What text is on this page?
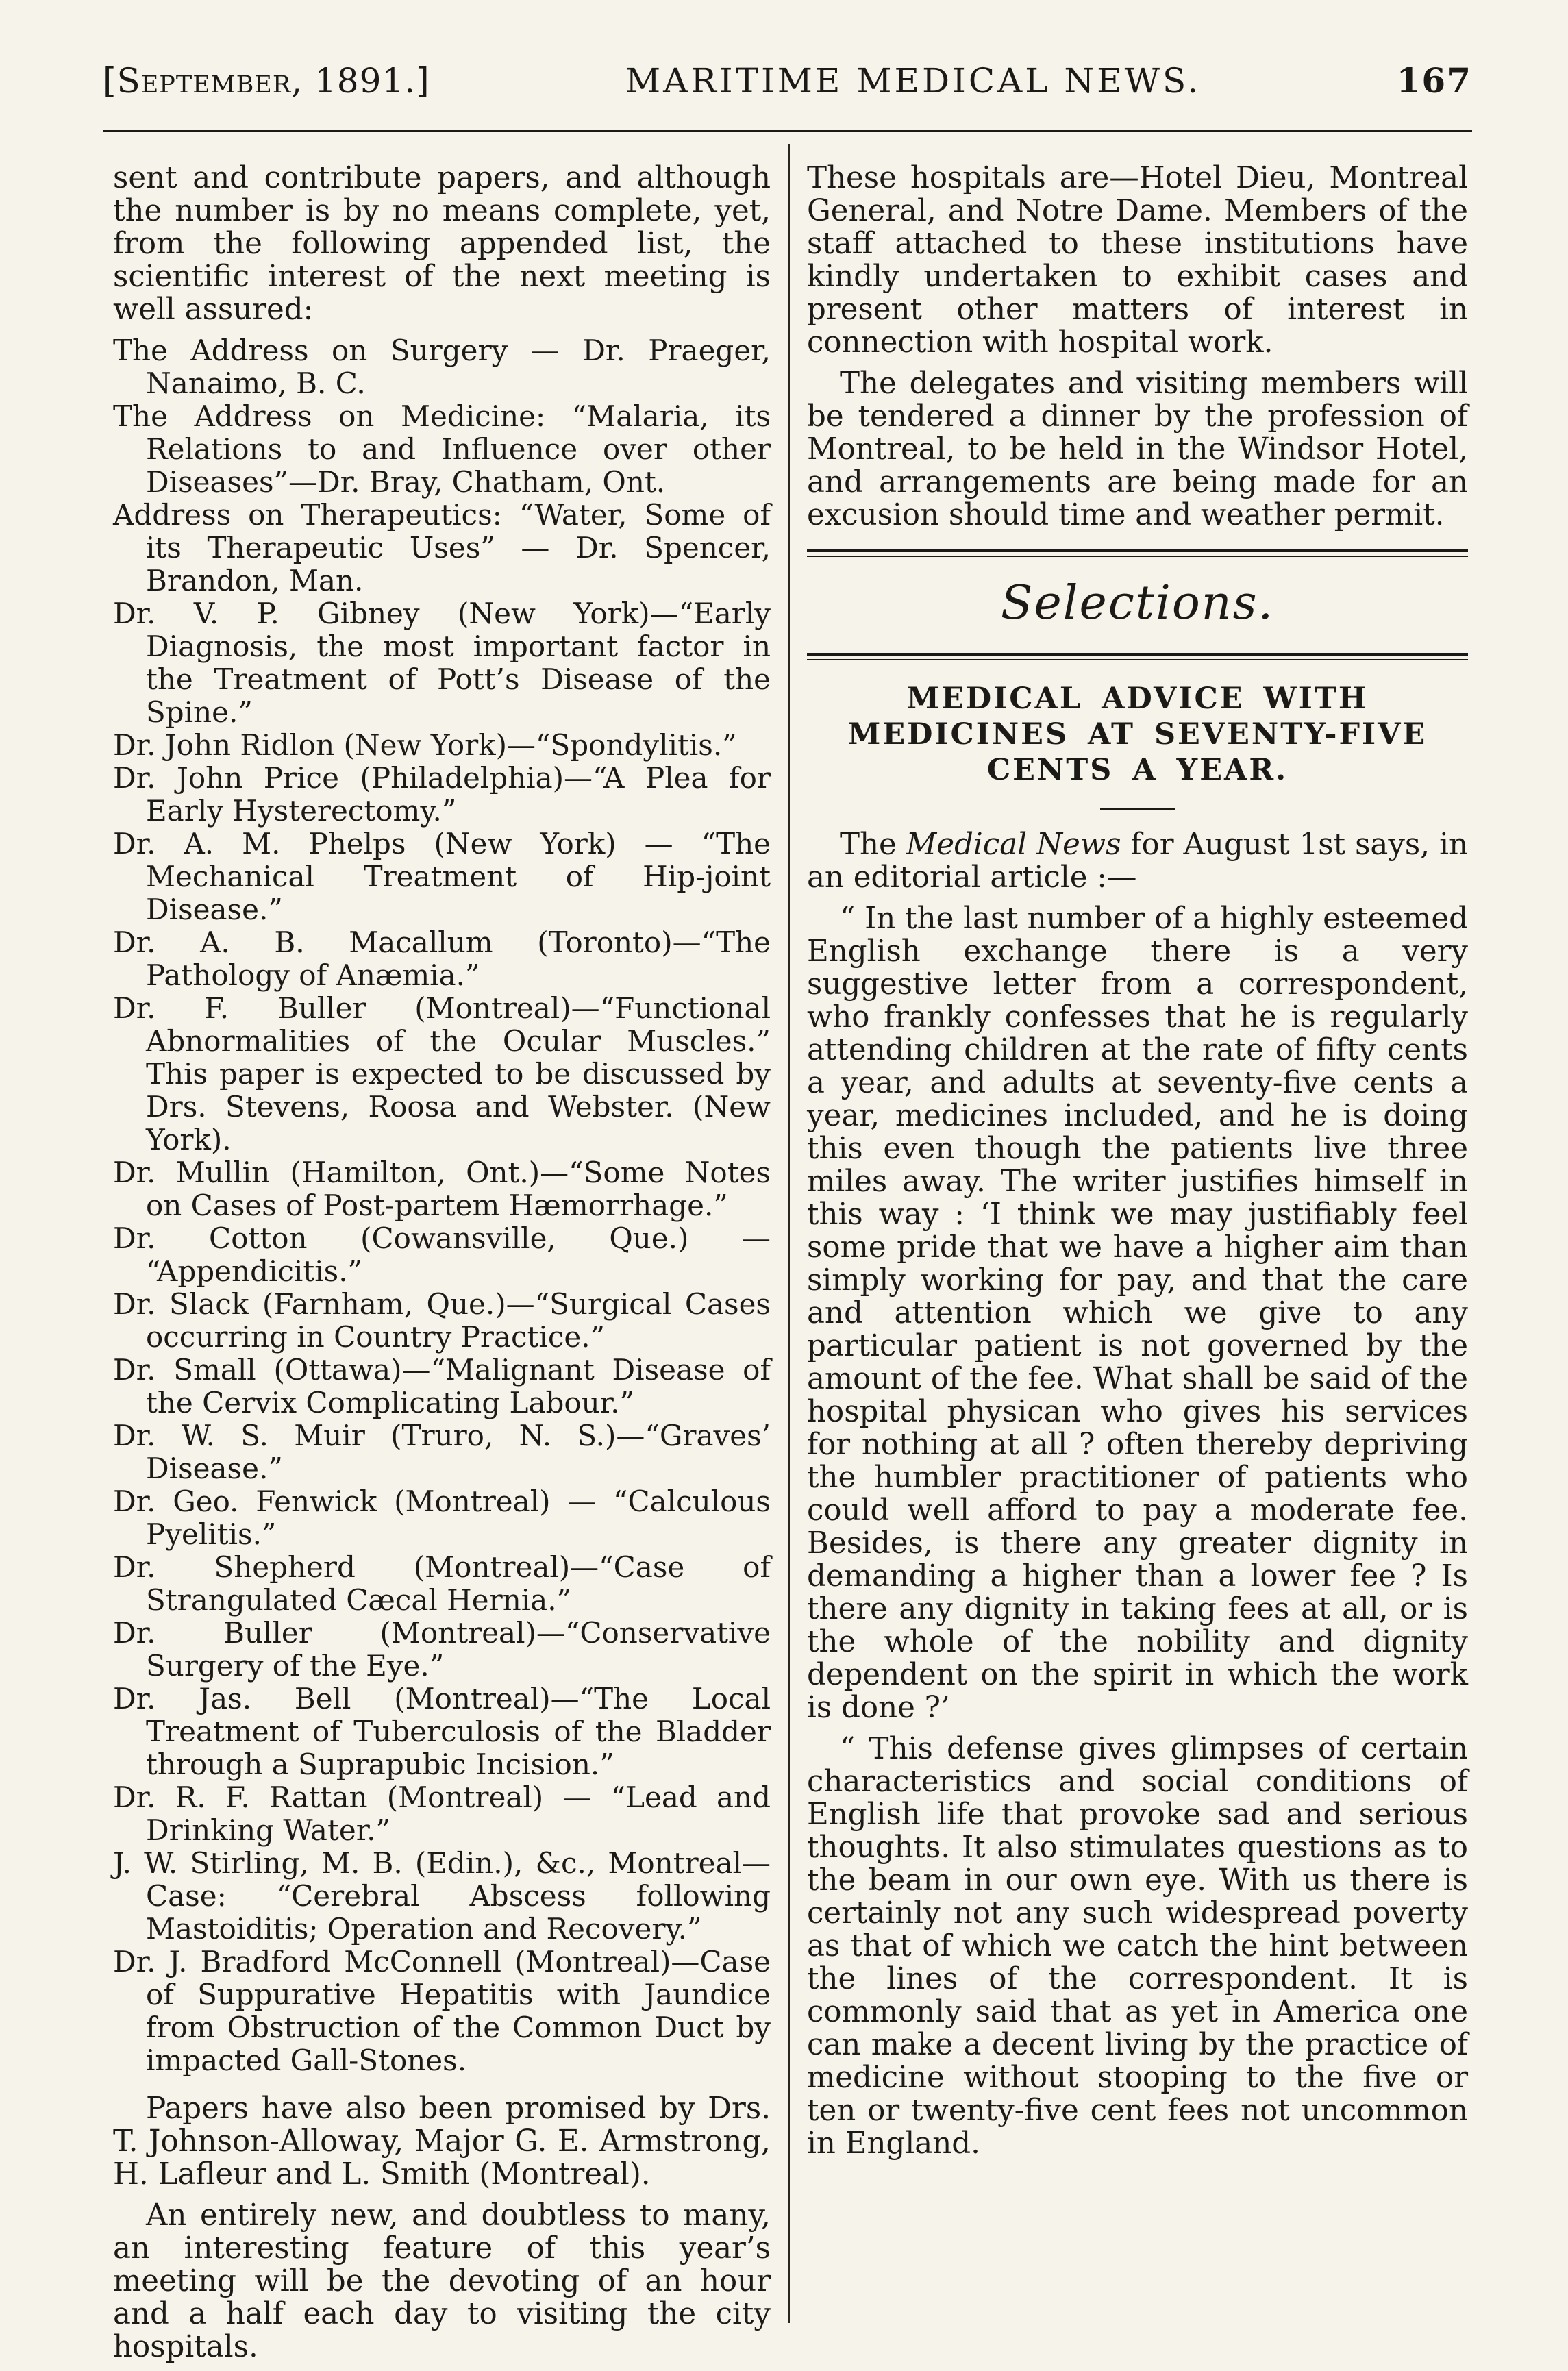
[September, 1891.]	MARITIME MEDICAL NEWS.	167

sent and contribute papers, and although the number is by no means complete, yet, from the following appended list, the scientific interest of the next meeting is well assured:

The Address on Surgery — Dr. Praeger, Nanaimo, B. C.

The Address on Medicine: “Malaria, its Relations to and Influence over other Diseases”—Dr. Bray, Chatham, Ont.

Address on Therapeutics: “Water, Some of its Therapeutic Uses” — Dr. Spencer, Brandon, Man.

Dr. V. P. Gibney (New York)—“Early Diagnosis, the most important factor in the Treatment of Pott’s Disease of the Spine.”

Dr. John Ridlon (New York)—“Spondylitis.”

Dr. John Price (Philadelphia)—“A Plea for Early Hysterectomy.”

Dr. A. M. Phelps (New York) — “The Mechanical Treatment of Hip-joint Disease.”

Dr. A. B. Macallum (Toronto)—“The Pathology of Anæmia.”

Dr. F. Buller (Montreal)—“Functional Abnormalities of the Ocular Muscles.” This paper is expected to be discussed by Drs. Stevens, Roosa and Webster. (New York).

Dr. Mullin (Hamilton, Ont.)—“Some Notes on Cases of Post-partem Hæmorrhage.”

Dr. Cotton (Cowansville, Que.) — “Appendicitis.”

Dr. Slack (Farnham, Que.)—“Surgical Cases occurring in Country Practice.”

Dr. Small (Ottawa)—“Malignant Disease of the Cervix Complicating Labour.”

Dr. W. S. Muir (Truro, N. S.)—“Graves’ Disease.”

Dr. Geo. Fenwick (Montreal) — “Calculous Pyelitis.”

Dr. Shepherd (Montreal)—“Case of Strangulated Cæcal Hernia.”

Dr. Buller (Montreal)—“Conservative Surgery of the Eye.”

Dr. Jas. Bell (Montreal)—“The Local Treatment of Tuberculosis of the Bladder through a Suprapubic Incision.”

Dr. R. F. Rattan (Montreal) — “Lead and Drinking Water.”

J. W. Stirling, M. B. (Edin.), &c., Montreal—Case: “Cerebral Abscess following Mastoiditis; Operation and Recovery.”

Dr. J. Bradford McConnell (Montreal)—Case of Suppurative Hepatitis with Jaundice from Obstruction of the Common Duct by impacted Gall-Stones.

Papers have also been promised by Drs. T. Johnson-Alloway, Major G. E. Armstrong, H. Lafleur and L. Smith (Montreal).

An entirely new, and doubtless to many, an interesting feature of this year’s meeting will be the devoting of an hour and a half each day to visiting the city hospitals.

These hospitals are—Hotel Dieu, Montreal General, and Notre Dame. Members of the staff attached to these institutions have kindly undertaken to exhibit cases and present other matters of interest in connection with hospital work.

The delegates and visiting members will be tendered a dinner by the profession of Montreal, to be held in the Windsor Hotel, and arrangements are being made for an excusion should time and weather permit.

Selections.
MEDICAL ADVICE WITH MEDICINES AT SEVENTY-FIVE CENTS A YEAR.

The Medical News for August 1st says, in an editorial article :—

“ In the last number of a highly esteemed English exchange there is a very suggestive letter from a correspondent, who frankly confesses that he is regularly attending children at the rate of fifty cents a year, and adults at seventy-five cents a year, medicines included, and he is doing this even though the patients live three miles away. The writer justifies himself in this way : ‘I think we may justifiably feel some pride that we have a higher aim than simply working for pay, and that the care and attention which we give to any particular patient is not governed by the amount of the fee. What shall be said of the hospital physican who gives his services for nothing at all ? often thereby depriving the humbler practitioner of patients who could well afford to pay a moderate fee. Besides, is there any greater dignity in demanding a higher than a lower fee ? Is there any dignity in taking fees at all, or is the whole of the nobility and dignity dependent on the spirit in which the work is done ?’

“ This defense gives glimpses of certain characteristics and social conditions of English life that provoke sad and serious thoughts. It also stimulates questions as to the beam in our own eye. With us there is certainly not any such widespread poverty as that of which we catch the hint between the lines of the correspondent. It is commonly said that as yet in America one can make a decent living by the practice of medicine without stooping to the five or ten or twenty-five cent fees not uncommon in England.
